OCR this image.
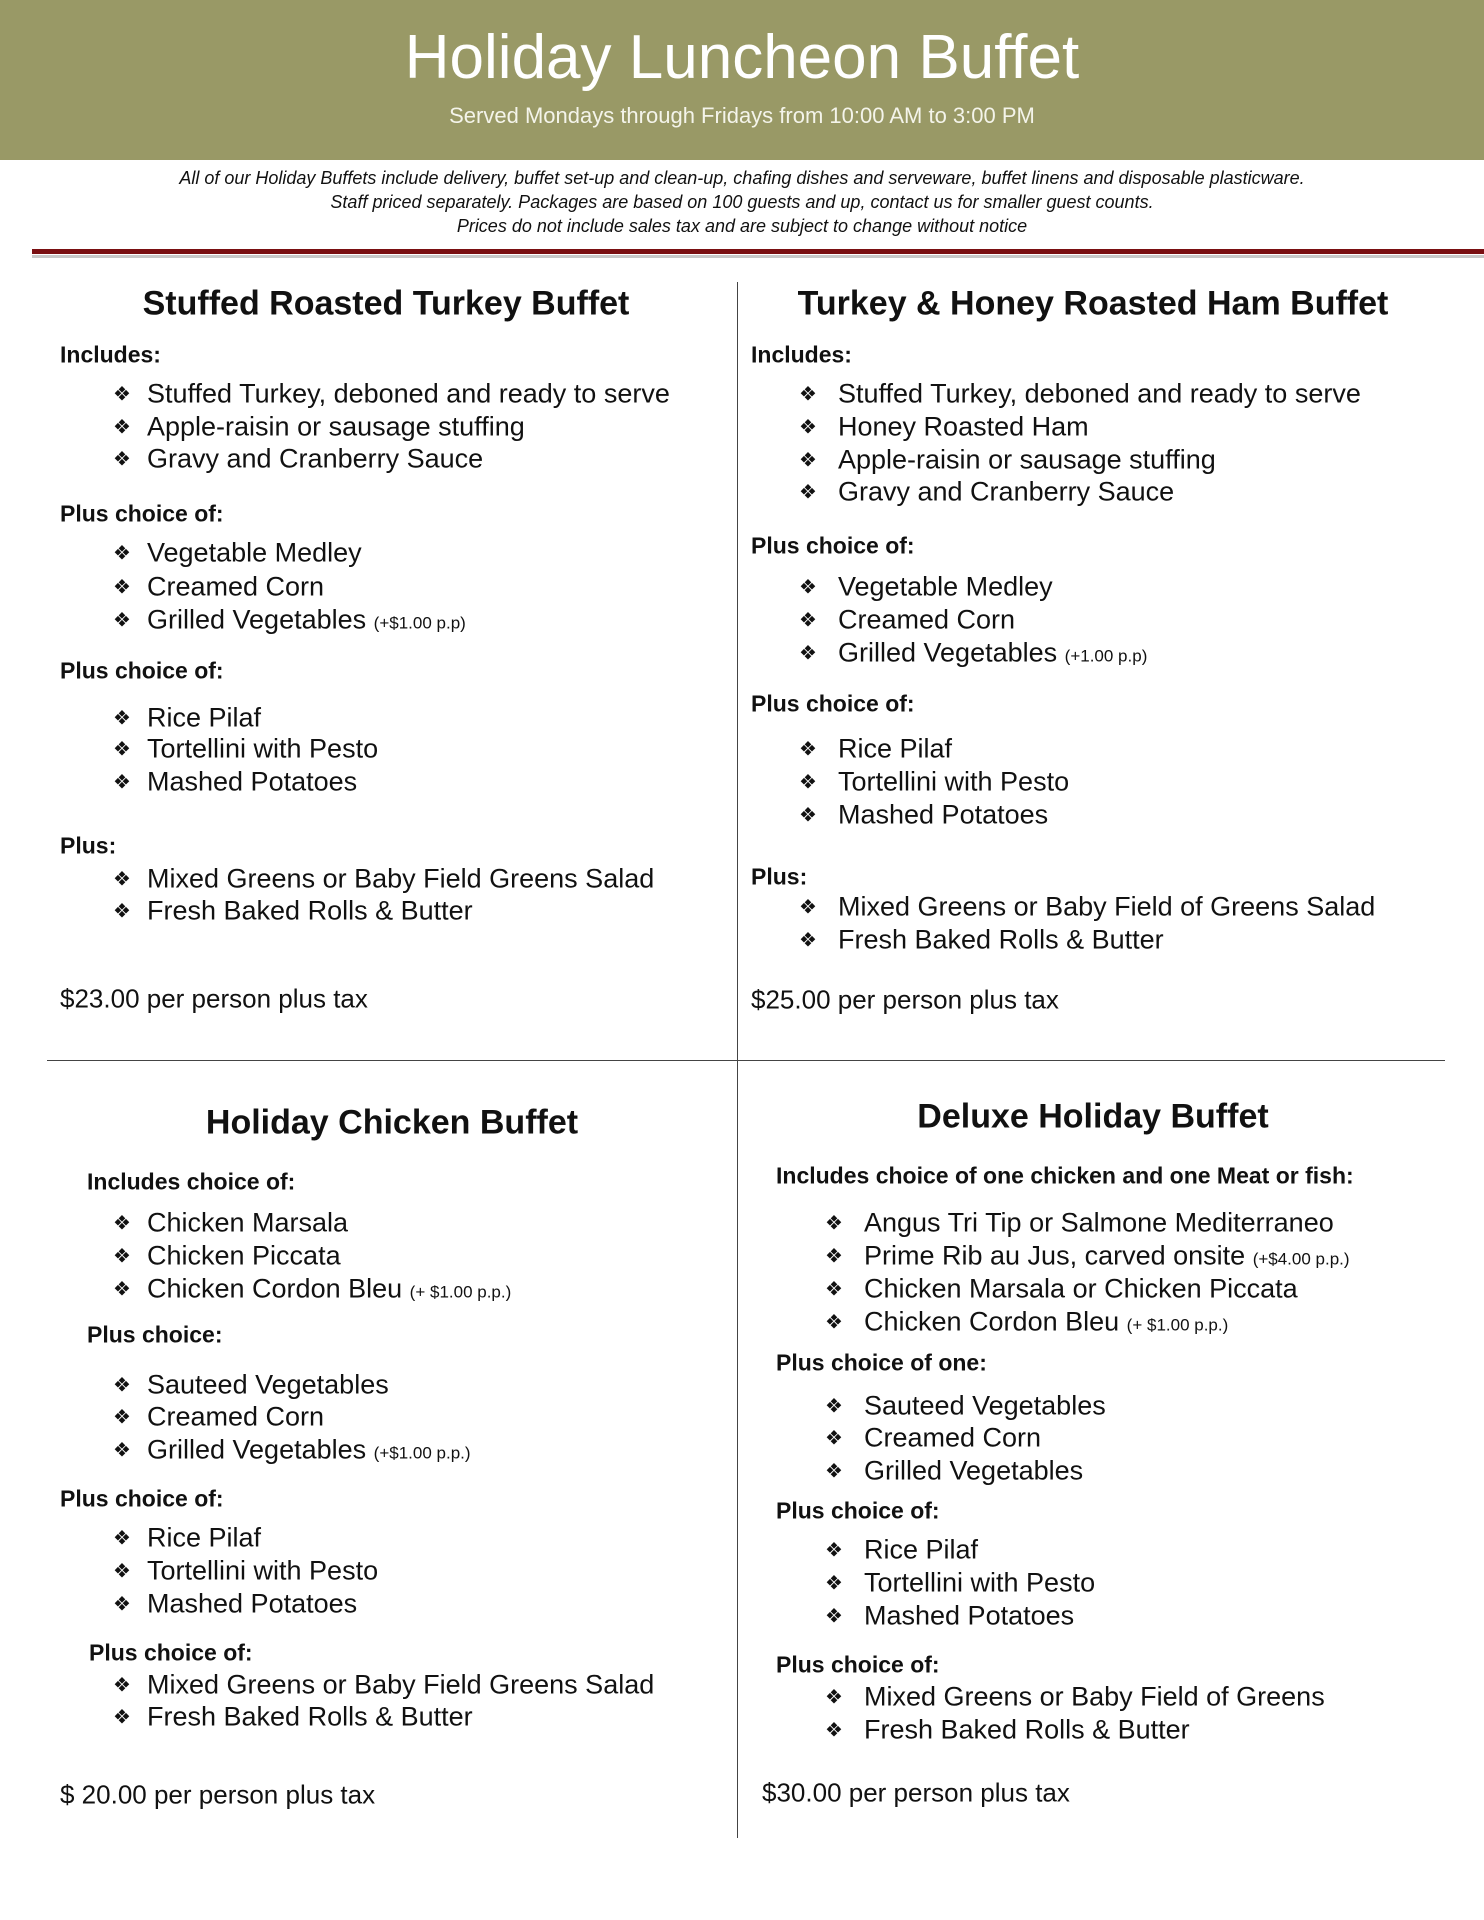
Holiday Luncheon Buffet
Served Mondays through Fridays from 10:00 AM to 3:00 PM
All of our Holiday Buffets include delivery, buffet set-up and clean-up, chafing dishes and serveware, buffet linens and disposable plasticware.
Staff priced separately. Packages are based on 100 guests and up, contact us for smaller guest counts.
Prices do not include sales tax and are subject to change without notice
Stuffed Roasted Turkey Buffet
Includes:
❖ Stuffed Turkey, deboned and ready to serve
❖ Apple-raisin or sausage stuffing
❖ Gravy and Cranberry Sauce
Plus choice of:
❖ Vegetable Medley
❖ Creamed Corn
❖ Grilled Vegetables (+$1.00 p.p)
Plus choice of:
❖ Rice Pilaf
❖ Tortellini with Pesto
❖ Mashed Potatoes
Plus:
❖ Mixed Greens or Baby Field Greens Salad
❖ Fresh Baked Rolls & Butter
$23.00 per person plus tax
Turkey & Honey Roasted Ham Buffet
Includes:
❖ Stuffed Turkey, deboned and ready to serve
❖ Honey Roasted Ham
❖ Apple-raisin or sausage stuffing
❖ Gravy and Cranberry Sauce
Plus choice of:
❖ Vegetable Medley
❖ Creamed Corn
❖ Grilled Vegetables (+1.00 p.p)
Plus choice of:
❖ Rice Pilaf
❖ Tortellini with Pesto
❖ Mashed Potatoes
Plus:
❖ Mixed Greens or Baby Field of Greens Salad
❖ Fresh Baked Rolls & Butter
$25.00 per person plus tax
Holiday Chicken Buffet
Includes choice of:
❖ Chicken Marsala
❖ Chicken Piccata
❖ Chicken Cordon Bleu (+ $1.00 p.p.)
Plus choice:
❖ Sauteed Vegetables
❖ Creamed Corn
❖ Grilled Vegetables (+$1.00 p.p.)
Plus choice of:
❖ Rice Pilaf
❖ Tortellini with Pesto
❖ Mashed Potatoes
Plus choice of:
❖ Mixed Greens or Baby Field Greens Salad
❖ Fresh Baked Rolls & Butter
$ 20.00 per person plus tax
Deluxe Holiday Buffet
Includes choice of one chicken and one Meat or fish:
❖ Angus Tri Tip or Salmone Mediterraneo
❖ Prime Rib au Jus, carved onsite (+$4.00 p.p.)
❖ Chicken Marsala or Chicken Piccata
❖ Chicken Cordon Bleu (+ $1.00 p.p.)
Plus choice of one:
❖ Sauteed Vegetables
❖ Creamed Corn
❖ Grilled Vegetables
Plus choice of:
❖ Rice Pilaf
❖ Tortellini with Pesto
❖ Mashed Potatoes
Plus choice of:
❖ Mixed Greens or Baby Field of Greens
❖ Fresh Baked Rolls & Butter
$30.00 per person plus tax
